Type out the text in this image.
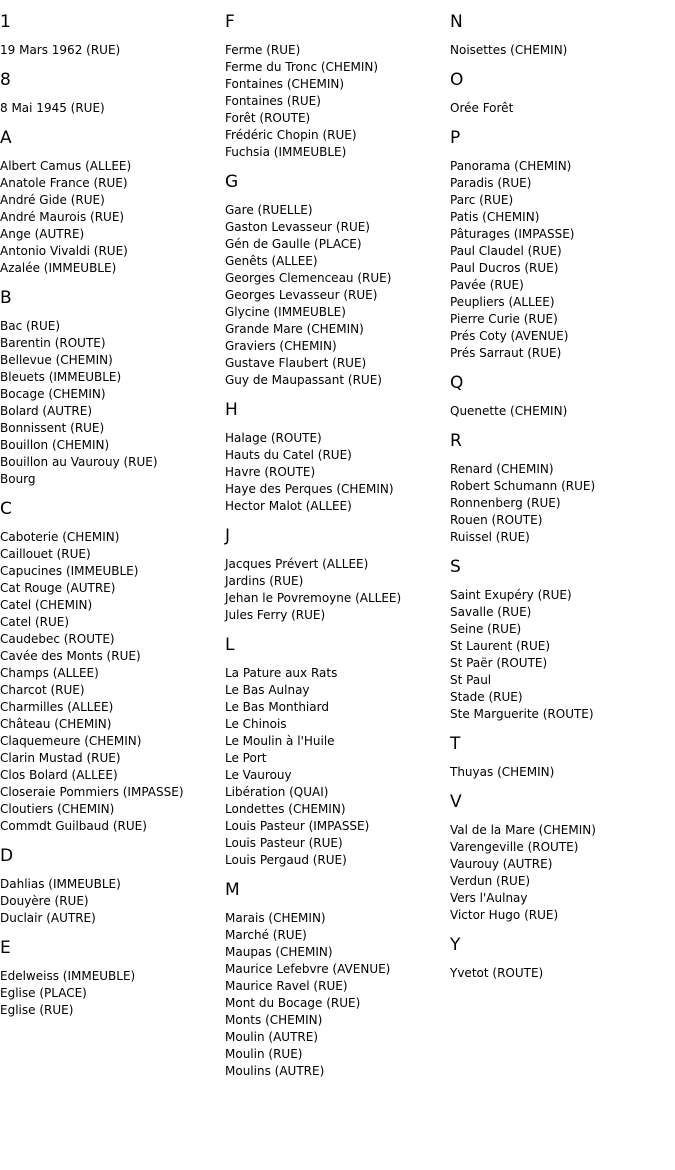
1
19 Mars 1962 (RUE)
8
8 Mai 1945 (RUE)
A
Albert Camus (ALLEE)
Anatole France (RUE)
André Gide (RUE)
André Maurois (RUE)
Ange (AUTRE)
Antonio Vivaldi (RUE)
Azalée (IMMEUBLE)
B
Bac (RUE)
Barentin (ROUTE)
Bellevue (CHEMIN)
Bleuets (IMMEUBLE)
Bocage (CHEMIN)
Bolard (AUTRE)
Bonnissent (RUE)
Bouillon (CHEMIN)
Bouillon au Vaurouy (RUE)
Bourg
C
Caboterie (CHEMIN)
Caillouet (RUE)
Capucines (IMMEUBLE)
Cat Rouge (AUTRE)
Catel (CHEMIN)
Catel (RUE)
Caudebec (ROUTE)
Cavée des Monts (RUE)
Champs (ALLEE)
Charcot (RUE)
Charmilles (ALLEE)
Château (CHEMIN)
Claquemeure (CHEMIN)
Clarin Mustad (RUE)
Clos Bolard (ALLEE)
Closeraie Pommiers (IMPASSE)
Cloutiers (CHEMIN)
Commdt Guilbaud (RUE)
D
Dahlias (IMMEUBLE)
Douyère (RUE)
Duclair (AUTRE)
E
Edelweiss (IMMEUBLE)
Eglise (PLACE)
Eglise (RUE)
F
Ferme (RUE)
Ferme du Tronc (CHEMIN)
Fontaines (CHEMIN)
Fontaines (RUE)
Forêt (ROUTE)
Frédéric Chopin (RUE)
Fuchsia (IMMEUBLE)
G
Gare (RUELLE)
Gaston Levasseur (RUE)
Gén de Gaulle (PLACE)
Genêts (ALLEE)
Georges Clemenceau (RUE)
Georges Levasseur (RUE)
Glycine (IMMEUBLE)
Grande Mare (CHEMIN)
Graviers (CHEMIN)
Gustave Flaubert (RUE)
Guy de Maupassant (RUE)
H
Halage (ROUTE)
Hauts du Catel (RUE)
Havre (ROUTE)
Haye des Perques (CHEMIN)
Hector Malot (ALLEE)
J
Jacques Prévert (ALLEE)
Jardins (RUE)
Jehan le Povremoyne (ALLEE)
Jules Ferry (RUE)
L
La Pature aux Rats
Le Bas Aulnay
Le Bas Monthiard
Le Chinois
Le Moulin à l'Huile
Le Port
Le Vaurouy
Libération (QUAI)
Londettes (CHEMIN)
Louis Pasteur (IMPASSE)
Louis Pasteur (RUE)
Louis Pergaud (RUE)
M
Marais (CHEMIN)
Marché (RUE)
Maupas (CHEMIN)
Maurice Lefebvre (AVENUE)
Maurice Ravel (RUE)
Mont du Bocage (RUE)
Monts (CHEMIN)
Moulin (AUTRE)
Moulin (RUE)
Moulins (AUTRE)
N
Noisettes (CHEMIN)
O
Orée Forêt
P
Panorama (CHEMIN)
Paradis (RUE)
Parc (RUE)
Patis (CHEMIN)
Pâturages (IMPASSE)
Paul Claudel (RUE)
Paul Ducros (RUE)
Pavée (RUE)
Peupliers (ALLEE)
Pierre Curie (RUE)
Prés Coty (AVENUE)
Prés Sarraut (RUE)
Q
Quenette (CHEMIN)
R
Renard (CHEMIN)
Robert Schumann (RUE)
Ronnenberg (RUE)
Rouen (ROUTE)
Ruissel (RUE)
S
Saint Exupéry (RUE)
Savalle (RUE)
Seine (RUE)
St Laurent (RUE)
St Paër (ROUTE)
St Paul
Stade (RUE)
Ste Marguerite (ROUTE)
T
Thuyas (CHEMIN)
V
Val de la Mare (CHEMIN)
Varengeville (ROUTE)
Vaurouy (AUTRE)
Verdun (RUE)
Vers l'Aulnay
Victor Hugo (RUE)
Y
Yvetot (ROUTE)
